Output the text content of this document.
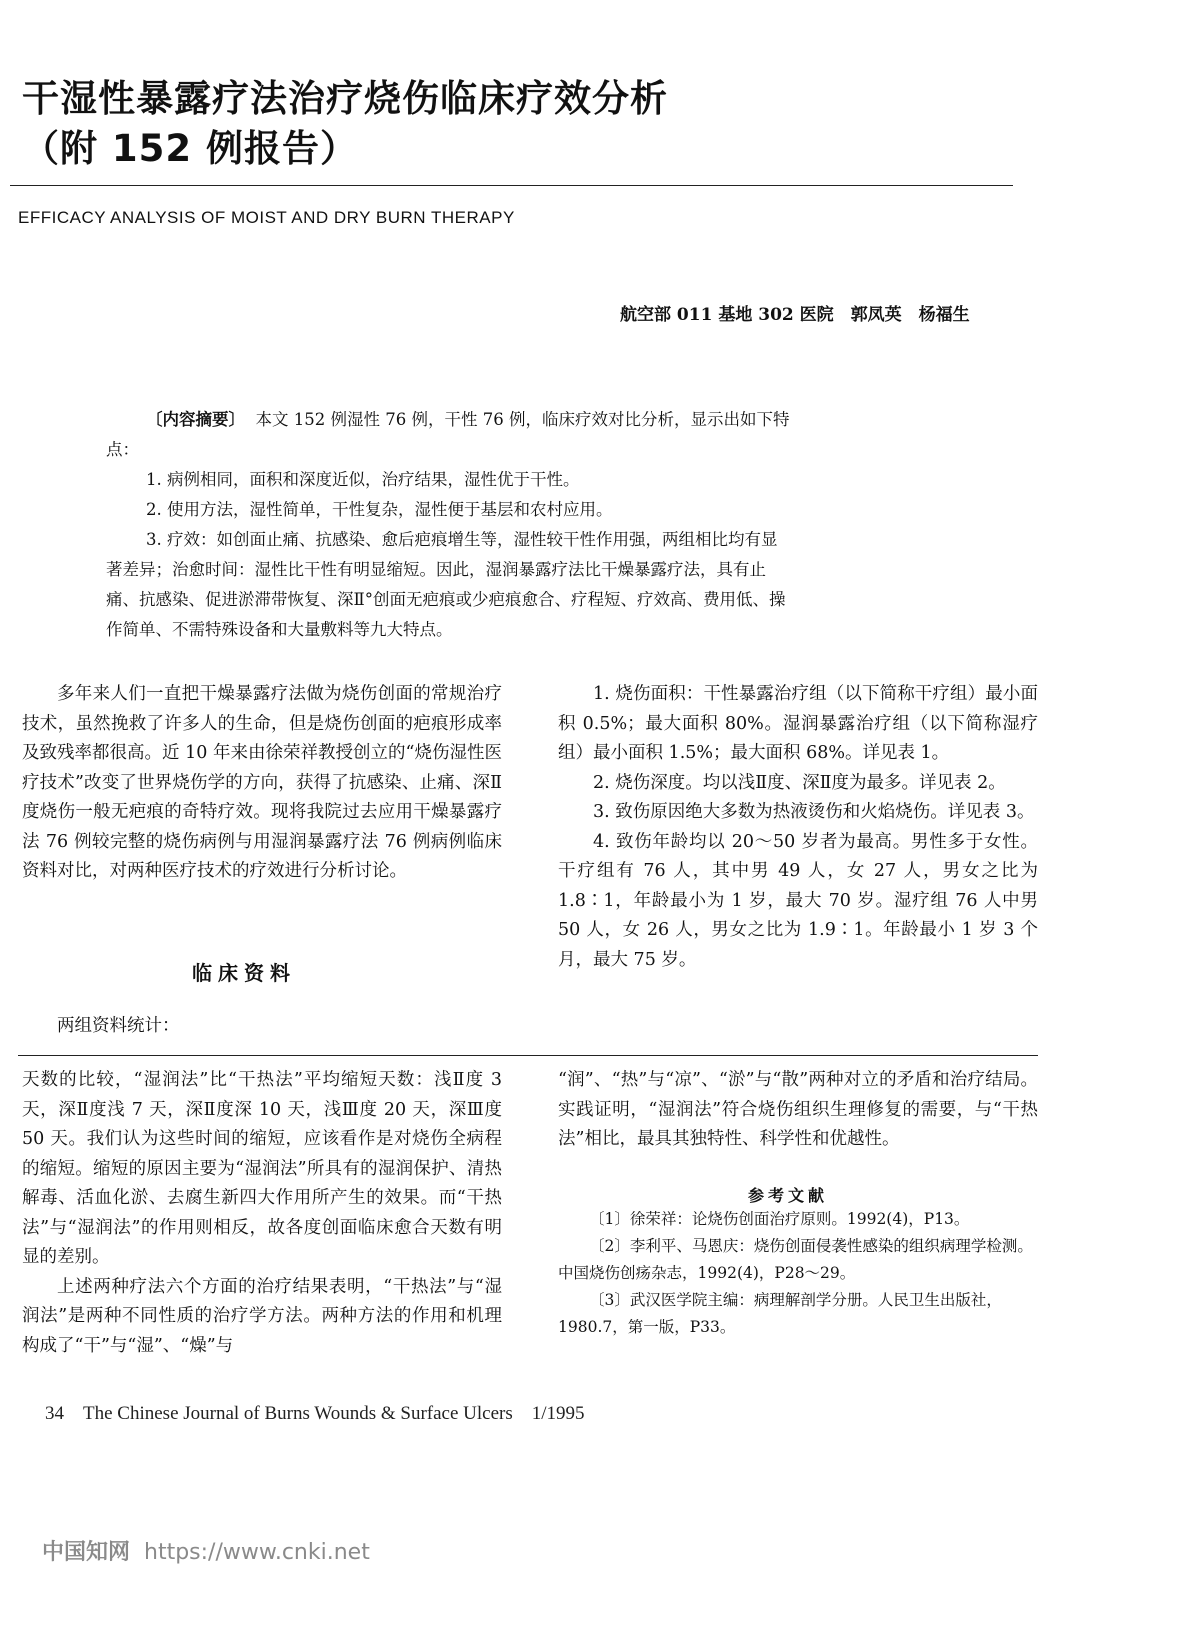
干湿性暴露疗法治疗烧伤临床疗效分析
（附 152 例报告）
EFFICACY ANALYSIS OF MOIST AND DRY BURN THERAPY
航空部 011 基地 302 医院　郭凤英　杨福生
〔内容摘要〕 本文 152 例湿性 76 例，干性 76 例，临床疗效对比分析，显示出如下特
点：
1. 病例相同，面积和深度近似，治疗结果，湿性优于干性。
2. 使用方法，湿性简单，干性复杂，湿性便于基层和农村应用。
3. 疗效：如创面止痛、抗感染、愈后疤痕增生等，湿性较干性作用强，两组相比均有显
著差异；治愈时间：湿性比干性有明显缩短。因此，湿润暴露疗法比干燥暴露疗法，具有止
痛、抗感染、促进淤滞带恢复、深Ⅱ°创面无疤痕或少疤痕愈合、疗程短、疗效高、费用低、操
作简单、不需特殊设备和大量敷料等九大特点。

多年来人们一直把干燥暴露疗法做为烧伤创面的常规治疗技术，虽然挽救了许多人的生命，但是烧伤创面的疤痕形成率及致残率都很高。近 10 年来由徐荣祥教授创立的“烧伤湿性医疗技术”改变了世界烧伤学的方向，获得了抗感染、止痛、深Ⅱ度烧伤一般无疤痕的奇特疗效。现将我院过去应用干燥暴露疗法 76 例较完整的烧伤病例与用湿润暴露疗法 76 例病例临床资料对比，对两种医疗技术的疗效进行分析讨论。

临床资料

两组资料统计：

1. 烧伤面积：干性暴露治疗组（以下简称干疗组）最小面积 0.5%；最大面积 80%。湿润暴露治疗组（以下简称湿疗组）最小面积 1.5%；最大面积 68%。详见表 1。

2. 烧伤深度。均以浅Ⅱ度、深Ⅱ度为最多。详见表 2。

3. 致伤原因绝大多数为热液烫伤和火焰烧伤。详见表 3。

4. 致伤年龄均以 20～50 岁者为最高。男性多于女性。干疗组有 76 人，其中男 49 人，女 27 人，男女之比为 1.8∶1，年龄最小为 1 岁，最大 70 岁。湿疗组 76 人中男 50 人，女 26 人，男女之比为 1.9∶1。年龄最小 1 岁 3 个月，最大 75 岁。

天数的比较，“湿润法”比“干热法”平均缩短天数：浅Ⅱ度 3 天，深Ⅱ度浅 7 天，深Ⅱ度深 10 天，浅Ⅲ度 20 天，深Ⅲ度 50 天。我们认为这些时间的缩短，应该看作是对烧伤全病程的缩短。缩短的原因主要为“湿润法”所具有的湿润保护、清热解毒、活血化淤、去腐生新四大作用所产生的效果。而“干热法”与“湿润法”的作用则相反，故各度创面临床愈合天数有明显的差别。

上述两种疗法六个方面的治疗结果表明，“干热法”与“湿润法”是两种不同性质的治疗学方法。两种方法的作用和机理构成了“干”与“湿”、“燥”与

“润”、“热”与“凉”、“淤”与“散”两种对立的矛盾和治疗结局。实践证明，“湿润法”符合烧伤组织生理修复的需要，与“干热法”相比，最具其独特性、科学性和优越性。

参考文献

〔1〕徐荣祥：论烧伤创面治疗原则。1992(4)，P13。

〔2〕李利平、马恩庆：烧伤创面侵袭性感染的组织病理学检测。中国烧伤创疡杂志，1992(4)，P28～29。

〔3〕武汉医学院主编：病理解剖学分册。人民卫生出版社，1980.7，第一版，P33。

34　The Chinese Journal of Burns Wounds & Surface Ulcers　1/1995
中国知网 https://www.cnki.net
